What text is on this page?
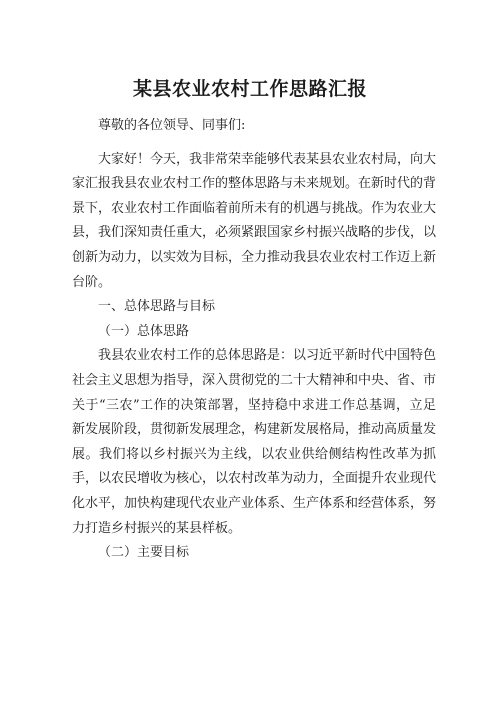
某县农业农村工作思路汇报

尊敬的各位领导、同事们:

大家好！今天，我非常荣幸能够代表某县农业农村局，向大家汇报我县农业农村工作的整体思路与未来规划。在新时代的背景下，农业农村工作面临着前所未有的机遇与挑战。作为农业大县，我们深知责任重大，必须紧跟国家乡村振兴战略的步伐，以创新为动力，以实效为目标，全力推动我县农业农村工作迈上新台阶。

一、总体思路与目标

（一）总体思路

我县农业农村工作的总体思路是：以习近平新时代中国特色社会主义思想为指导，深入贯彻党的二十大精神和中央、省、市关于“三农”工作的决策部署，坚持稳中求进工作总基调，立足新发展阶段，贯彻新发展理念，构建新发展格局，推动高质量发展。我们将以乡村振兴为主线，以农业供给侧结构性改革为抓手，以农民增收为核心，以农村改革为动力，全面提升农业现代化水平，加快构建现代农业产业体系、生产体系和经营体系，努力打造乡村振兴的某县样板。

（二）主要目标
